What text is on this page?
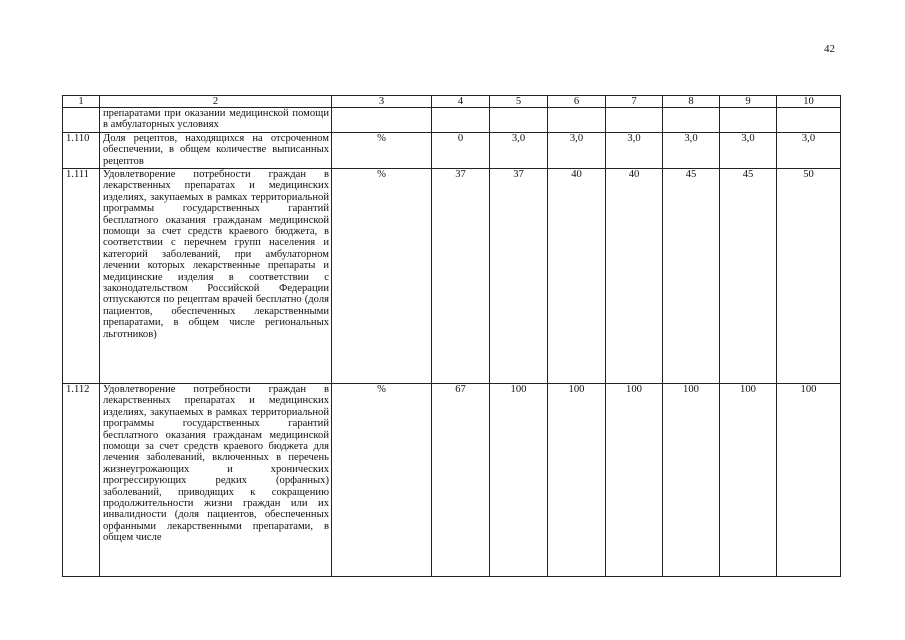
42
1	2	3	4	5	6	7	8	9	10
	препаратами при оказании медицинской помощи в амбулаторных условиях								
1.110	Доля рецептов, находящихся на отсроченном обеспечении, в общем количестве выписанных рецептов	%	0	3,0	3,0	3,0	3,0	3,0	3,0
1.111	Удовлетворение потребности граждан в лекарственных препаратах и медицинских изделиях, закупаемых в рамках территориальной программы государственных гарантий бесплатного оказания гражданам медицинской помощи за счет средств краевого бюджета, в соответствии с перечнем групп населения и категорий заболеваний, при амбулаторном лечении которых лекарственные препараты и медицинские изделия в соответствии с законодательством Российской Федерации отпускаются по рецептам врачей бесплатно (доля пациентов, обеспеченных лекарственными препаратами, в общем числе региональных льготников)	%	37	37	40	40	45	45	50
1.112	Удовлетворение потребности граждан в лекарственных препаратах и медицинских изделиях, закупаемых в рамках территориальной программы государственных гарантий бесплатного оказания гражданам медицинской помощи за счет средств краевого бюджета для лечения заболеваний, включенных в перечень жизнеугрожающих и хронических прогрессирующих редких (орфанных) заболеваний, приводящих к сокращению продолжительности жизни граждан или их инвалидности (доля пациентов, обеспеченных орфанными лекарственными препаратами, в общем числе	%	67	100	100	100	100	100	100
